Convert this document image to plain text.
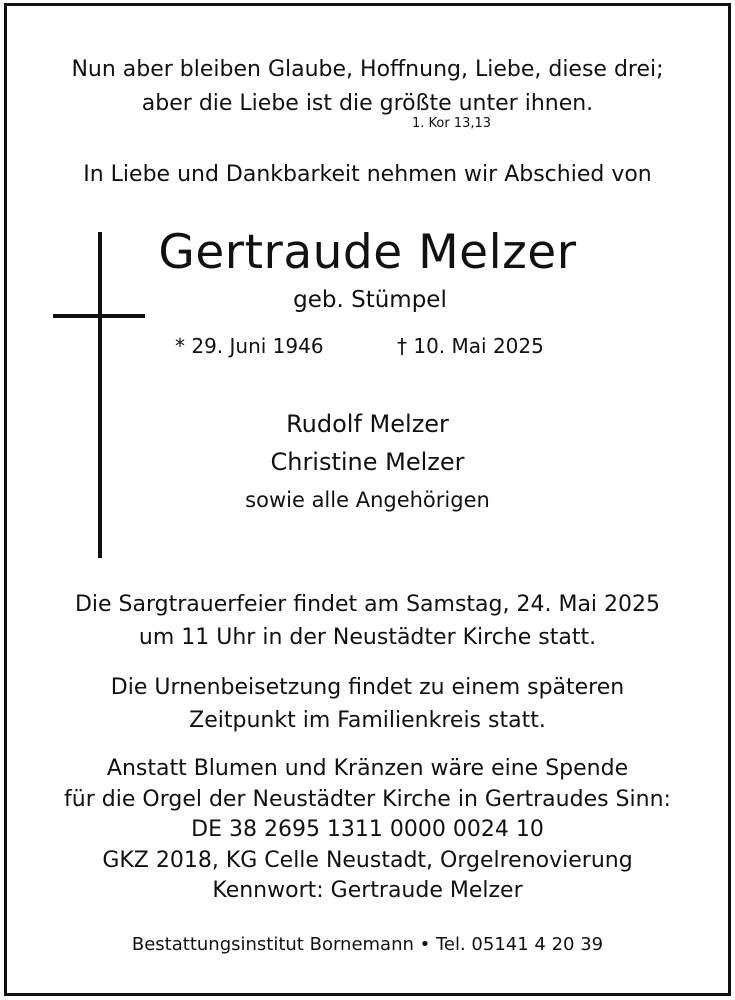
Nun aber bleiben Glaube, Hoffnung, Liebe, diese drei;
aber die Liebe ist die größte unter ihnen.
1. Kor 13,13
In Liebe und Dankbarkeit nehmen wir Abschied von
Gertraude Melzer
geb. Stümpel
* 29. Juni 1946	† 10. Mai 2025
Rudolf Melzer
Christine Melzer
sowie alle Angehörigen
Die Sargtrauerfeier findet am Samstag, 24. Mai 2025
um 11 Uhr in der Neustädter Kirche statt.
Die Urnenbeisetzung findet zu einem späteren
Zeitpunkt im Familienkreis statt.
Anstatt Blumen und Kränzen wäre eine Spende
für die Orgel der Neustädter Kirche in Gertraudes Sinn:
DE 38 2695 1311 0000 0024 10
GKZ 2018, KG Celle Neustadt, Orgelrenovierung
Kennwort: Gertraude Melzer
Bestattungsinstitut Bornemann • Tel. 05141 4 20 39
